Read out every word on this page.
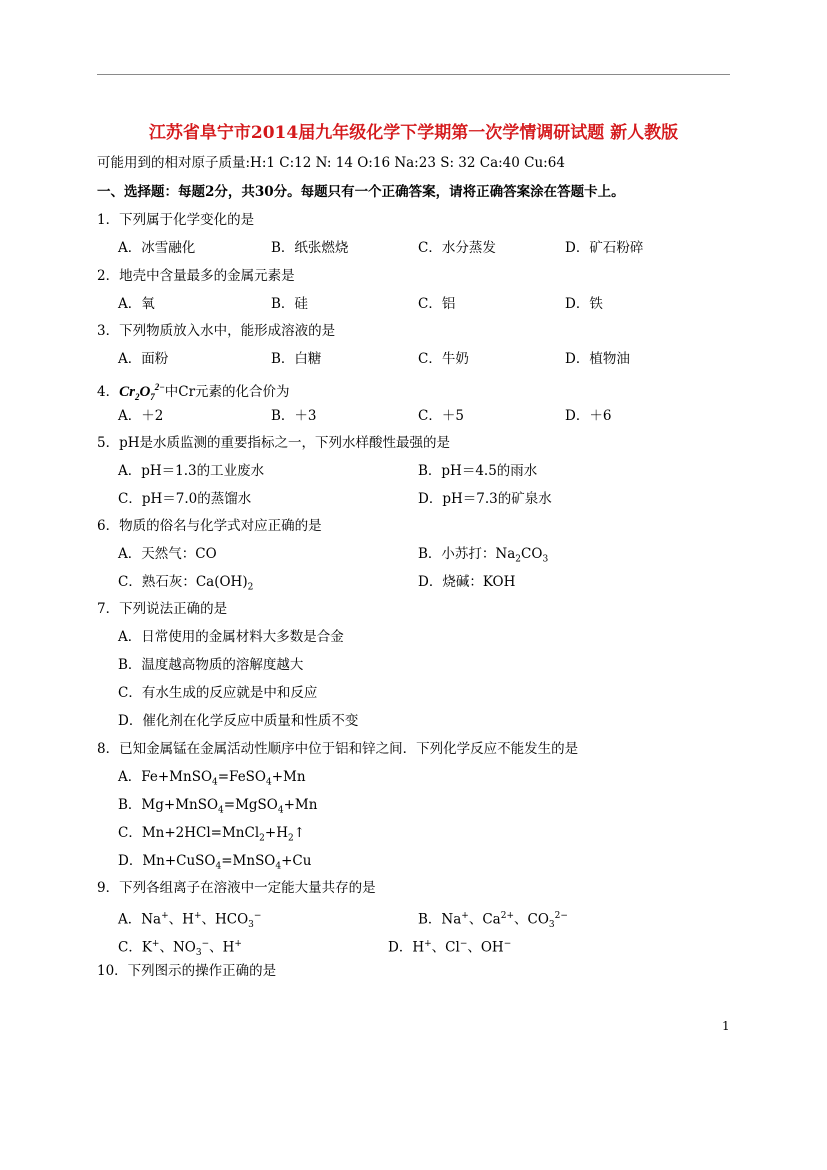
江苏省阜宁市2014届九年级化学下学期第一次学情调研试题 新人教版
可能用到的相对原子质量:H:1 C:12 N: 14 O:16 Na:23 S: 32 Ca:40 Cu:64
一、选择题：每题2分，共30分。每题只有一个正确答案，请将正确答案涂在答题卡上。
1．下列属于化学变化的是
A．冰雪融化	B．纸张燃烧	C．水分蒸发	D．矿石粉碎
2．地壳中含量最多的金属元素是
A．氧	B．硅	C．铝	D．铁
3．下列物质放入水中，能形成溶液的是
A．面粉	B．白糖	C．牛奶	D．植物油
4．$Cr_2O_7^{2-}$中Cr元素的化合价为
A．＋2	B．＋3	C．＋5	D．＋6
5．pH是水质监测的重要指标之一，下列水样酸性最强的是
A．pH＝1.3的工业废水	B．pH＝4.5的雨水
C．pH＝7.0的蒸馏水	D．pH＝7.3的矿泉水
6．物质的俗名与化学式对应正确的是
A．天然气：CO	B．小苏打：$Na_2CO_3$
C．熟石灰：$Ca(OH)_2$	D．烧碱：KOH
7．下列说法正确的是
A．日常使用的金属材料大多数是合金
B．温度越高物质的溶解度越大
C．有水生成的反应就是中和反应
D．催化剂在化学反应中质量和性质不变
8．已知金属锰在金属活动性顺序中位于铝和锌之间．下列化学反应不能发生的是
A．Fe+MnSO$_4$=FeSO$_4$+Mn
B．Mg+MnSO$_4$=MgSO$_4$+Mn
C．$Mn+2HCl=MnCl_2+H_2↑$
D．Mn+CuSO$_4$=MnSO$_4$+Cu
9．下列各组离子在溶液中一定能大量共存的是
A．Na+、H+、$HCO_3^-$	B．Na+、$Ca^{2+}$、$CO_3^{2-}$
C．K+、$NO_3^-$、H+	D．H+、Cl−、OH−
10．下列图示的操作正确的是
1
